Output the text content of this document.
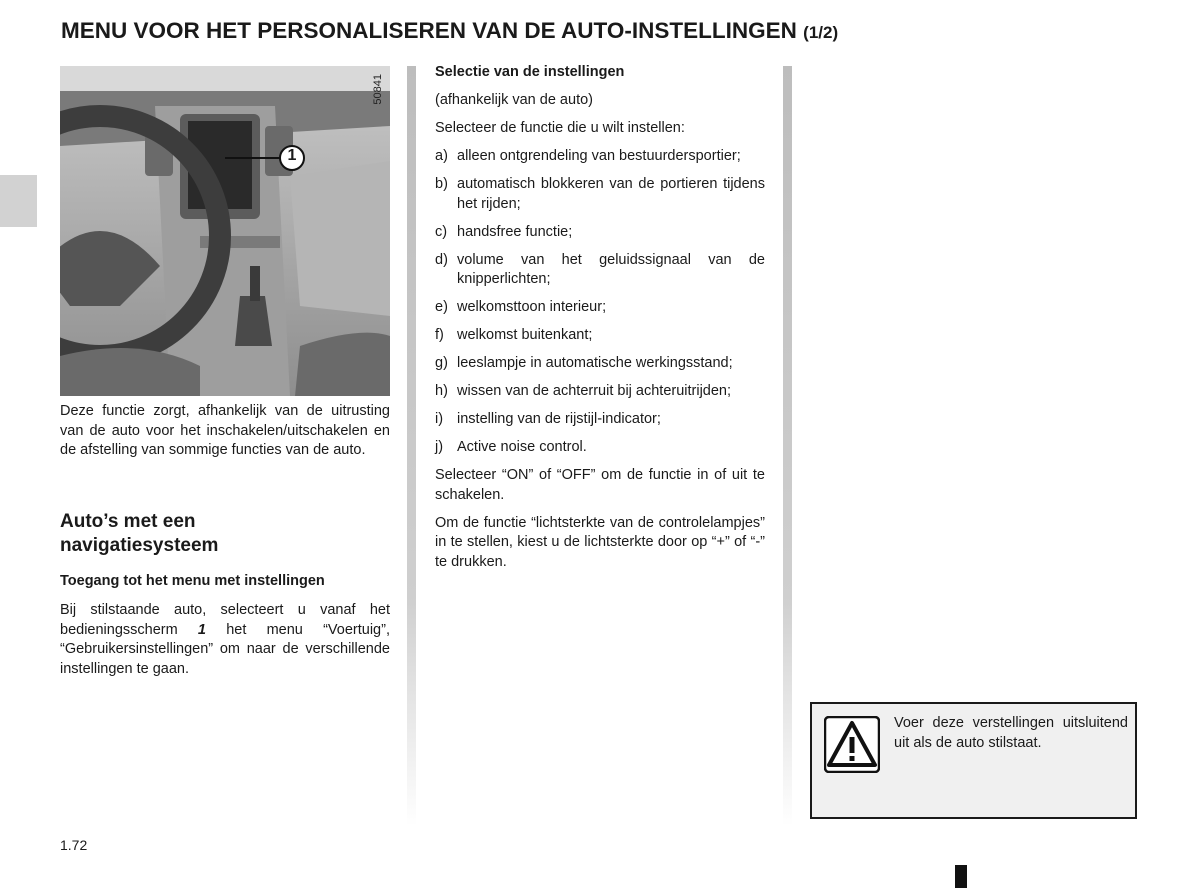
MENU VOOR HET PERSONALISEREN VAN DE AUTO-INSTELLINGEN (1/2)
1
50841
Deze functie zorgt, afhankelijk van de uitrusting van de auto voor het inschakelen/uitschakelen en de afstelling van sommige functies van de auto.
Auto’s met een
navigatiesysteem
Toegang tot het menu met instellingen
Bij stilstaande auto, selecteert u vanaf het bedieningsscherm 1 het menu “Voertuig”, “Gebruikersinstellingen” om naar de verschillende instellingen te gaan.

Selectie van de instellingen

(afhankelijk van de auto)

Selecteer de functie die u wilt instellen:

a) alleen ontgrendeling van bestuurdersportier;
b) automatisch blokkeren van de portieren tijdens het rijden;
c) handsfree functie;
d) volume van het geluidssignaal van de knipperlichten;
e) welkomsttoon interieur;
f) welkomst buitenkant;
g) leeslampje in automatische werkingsstand;
h) wissen van de achterruit bij achteruitrijden;
i) instelling van de rijstijl-indicator;
j) Active noise control.

Selecteer “ON” of “OFF” om de functie in of uit te schakelen.

Om de functie “lichtsterkte van de controlelampjes” in te stellen, kiest u de lichtsterkte door op “+” of “-” te drukken.

Voer deze verstellingen uitsluitend uit als de auto stilstaat.
1.72
